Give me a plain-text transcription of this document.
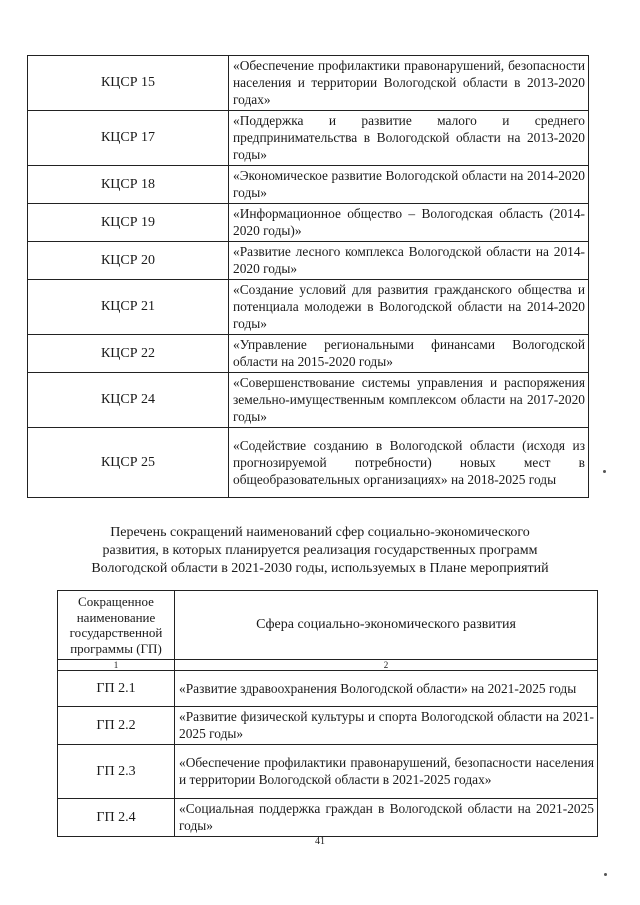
КЦСР 15	«Обеспечение профилактики правонарушений, безопасности населения и территории Вологодской области в 2013-2020 годах»
КЦСР 17	«Поддержка и развитие малого и среднего предпринимательства в Вологодской области на 2013-2020 годы»
КЦСР 18	«Экономическое развитие Вологодской области на 2014-2020 годы»
КЦСР 19	«Информационное общество – Вологодская область (2014-2020 годы)»
КЦСР 20	«Развитие лесного комплекса Вологодской области на 2014-2020 годы»
КЦСР 21	«Создание условий для развития гражданского общества и потенциала молодежи в Вологодской области на 2014-2020 годы»
КЦСР 22	«Управление региональными финансами Вологодской области на 2015-2020 годы»
КЦСР 24	«Совершенствование системы управления и распоряжения земельно-имущественным комплексом области на 2017-2020 годы»
КЦСР 25	«Содействие созданию в Вологодской области (исходя из прогнозируемой потребности) новых мест в общеобразовательных организациях» на 2018-2025 годы
Перечень сокращений наименований сфер социально-экономического
развития, в которых планируется реализация государственных программ
Вологодской области в 2021-2030 годы, используемых в Плане мероприятий
Сокращенное
наименование
государственной
программы (ГП)	Сфера социально-экономического развития
1	2
ГП 2.1	«Развитие здравоохранения Вологодской области» на 2021-2025 годы
ГП 2.2	«Развитие физической культуры и спорта Вологодской области на 2021-2025 годы»
ГП 2.3	«Обеспечение профилактики правонарушений, безопасности населения и территории Вологодской области в 2021-2025 годах»
ГП 2.4	«Социальная поддержка граждан в Вологодской области на 2021-2025 годы»
41
